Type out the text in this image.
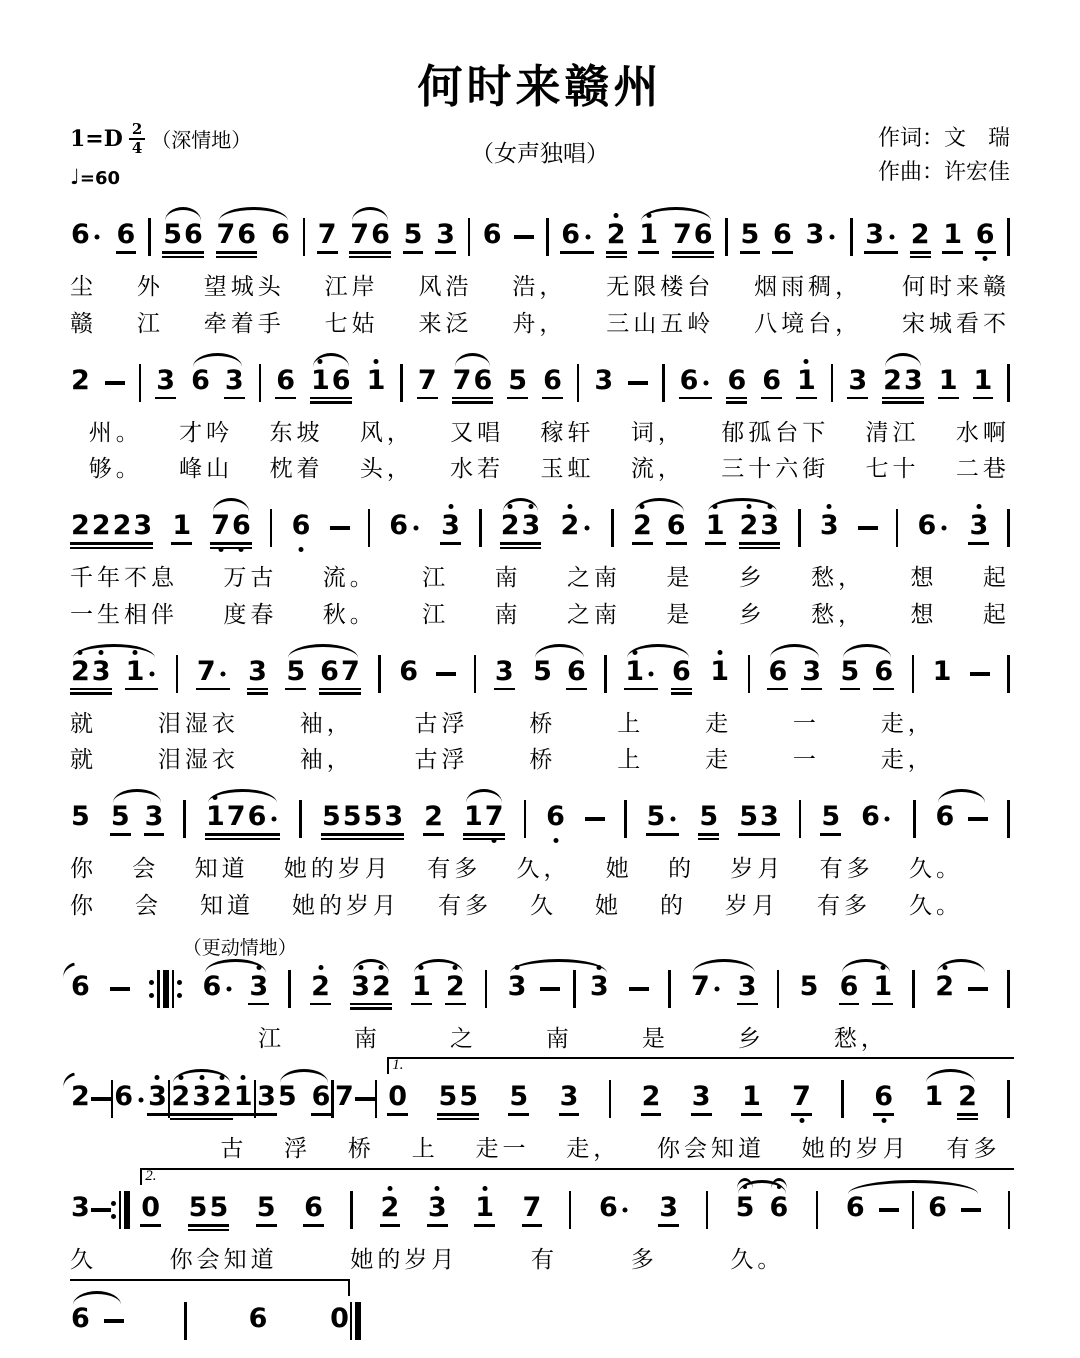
何时来赣州
1=D 2
4 （深情地）
♩=60
（女声独唱）
作词：文　瑞
作曲：许宏佳
6 6 5 6 7 6 6 7 7 6 5 3 6 6 2 1 7 6 5 6 3 3 2 1 6
尘 外 望城头 江岸 风浩 浩， 无限楼台 烟雨稠， 何时来赣
赣 江 牵着手 七姑 来泛 舟， 三山五岭 八境台， 宋城看不
2 3 6 3 6 1 6 1 7 7 6 5 6 3 6 6 6 1 3 2 3 1 1
州。 才吟 东坡 风， 又唱 稼轩 词， 郁孤台下 清江 水啊
够。 峰山 枕着 头， 水若 玉虹 流， 三十六街 七十 二巷
2 2 2 3 1 7 6 6	6 3 2 3 2 2 6 1 2 3 3	6 3
千年不息 万古 流。 江 南 之南 是 乡 愁， 想 起
一生相伴 度春 秋。 江 南 之南 是 乡 愁， 想 起
2 3 1 7 3 5 6 7 6	3 5 6 1 6 1 6 3 5 6 1
就	泪湿衣	袖，	古浮	桥	上	走	一	走，
就	泪湿衣	袖，	古浮	桥	上	走	一	走，
5 5 3 1 7 6 5 5 5 3 2 1 7 6	5 5 5 3 5 6 6
你 会 知道 她的岁月 有多 久， 她 的 岁月 有多 久。
你 会 知道 她的岁月 有多 久 她 的 岁月 有多 久。
（更动情地）
6	6 3 2 3 2 1 2 3 3	7 3 5 6 1 2
江	南	之	南	是	乡	愁，
2 6 3 2 3 2 1 3 5 6 7 0 5 5 5 3 2 3 1 7 6 1 2
1.
古 浮 桥 上 走一 走， 你会知道 她的岁月 有多
3 0 5 5 5 6 2 3 1 7 6 3 5 6 6 6
2.
久	你会知道	她的岁月	有	多	久。
6	6 0
